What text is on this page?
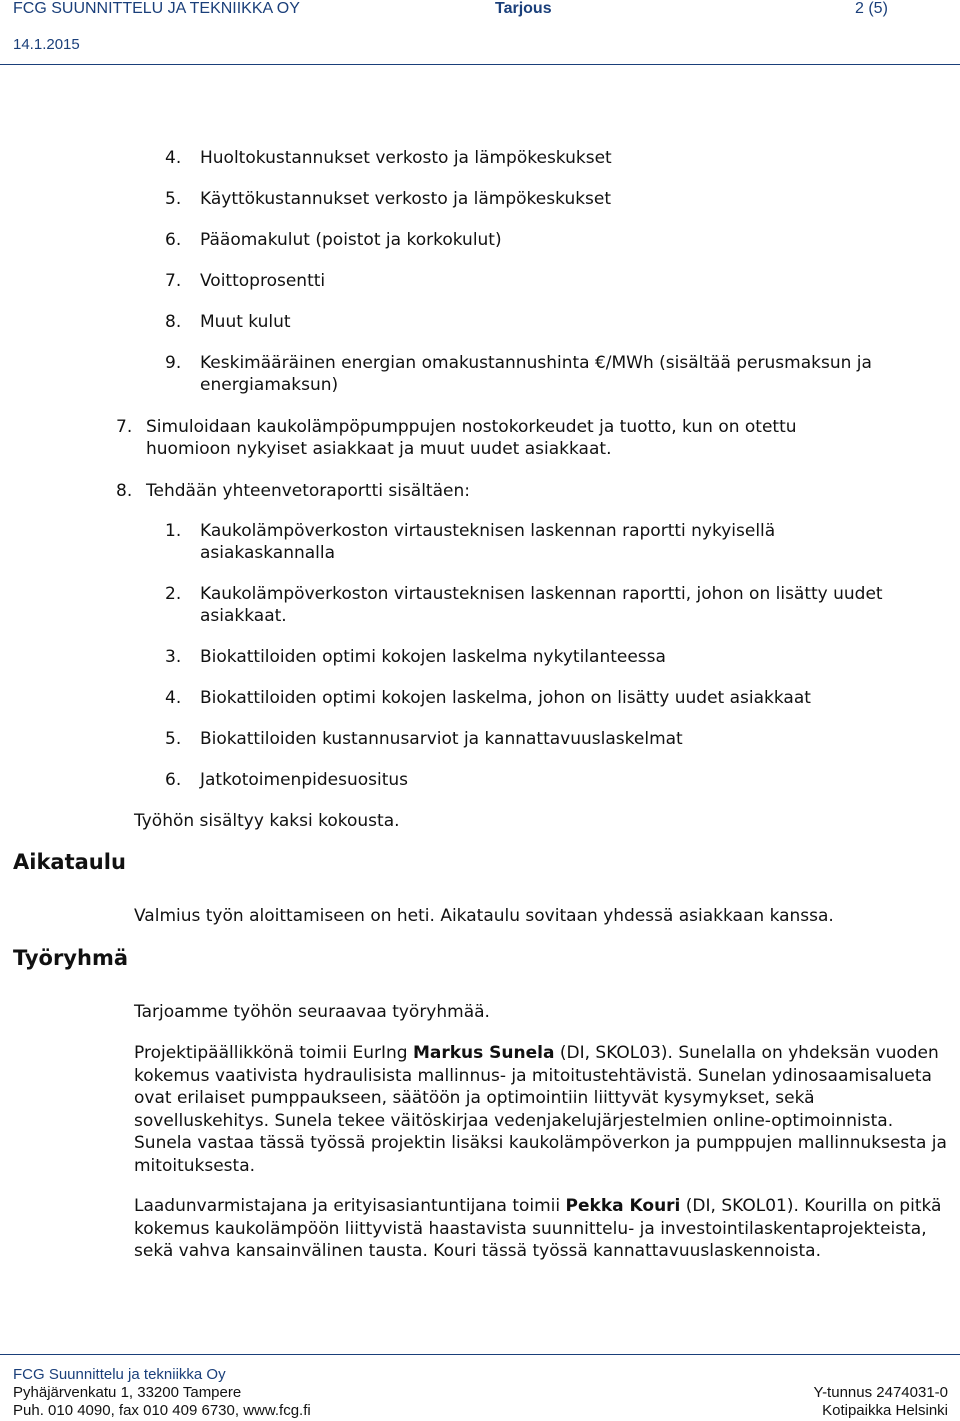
FCG SUUNNITTELU JA TEKNIIKKA OY	Tarjous	2 (5)
14.1.2015
4. Huoltokustannukset verkosto ja lämpökeskukset
5. Käyttökustannukset verkosto ja lämpökeskukset
6. Pääomakulut (poistot ja korkokulut)
7. Voittoprosentti
8. Muut kulut
9. Keskimääräinen energian omakustannushinta €/MWh (sisältää perusmaksun ja
energiamaksun)
7. Simuloidaan kaukolämpöpumppujen nostokorkeudet ja tuotto, kun on otettu
huomioon nykyiset asiakkaat ja muut uudet asiakkaat.
8. Tehdään yhteenvetoraportti sisältäen:
1. Kaukolämpöverkoston virtausteknisen laskennan raportti nykyisellä
asiakaskannalla
2. Kaukolämpöverkoston virtausteknisen laskennan raportti, johon on lisätty uudet
asiakkaat.
3. Biokattiloiden optimi kokojen laskelma nykytilanteessa
4. Biokattiloiden optimi kokojen laskelma, johon on lisätty uudet asiakkaat
5. Biokattiloiden kustannusarviot ja kannattavuuslaskelmat
6. Jatkotoimenpidesuositus
Työhön sisältyy kaksi kokousta.
Aikataulu
Valmius työn aloittamiseen on heti. Aikataulu sovitaan yhdessä asiakkaan kanssa.
Työryhmä
Tarjoamme työhön seuraavaa työryhmää.
Projektipäällikkönä toimii EurIng Markus Sunela (DI, SKOL03). Sunelalla on yhdeksän vuoden kokemus vaativista hydraulisista mallinnus- ja mitoitustehtävistä. Sunelan ydinosaamisalueta ovat erilaiset pumppaukseen, säätöön ja optimointiin liittyvät kysymykset, sekä sovelluskehitys. Sunela tekee väitöskirjaa vedenjakelujärjestelmien online-optimoinnista. Sunela vastaa tässä työssä projektin lisäksi kaukolämpöverkon ja pumppujen mallinnuksesta ja mitoituksesta.
Laadunvarmistajana ja erityisasiantuntijana toimii Pekka Kouri (DI, SKOL01). Kourilla on pitkä kokemus kaukolämpöön liittyvistä haastavista suunnittelu- ja investointilaskentaprojekteista, sekä vahva kansainvälinen tausta. Kouri tässä työssä kannattavuuslaskennoista.
FCG Suunnittelu ja tekniikka Oy
Pyhäjärvenkatu 1, 33200 Tampere
Puh. 010 4090, fax 010 409 6730, www.fcg.fi
Y-tunnus 2474031-0
Kotipaikka Helsinki
